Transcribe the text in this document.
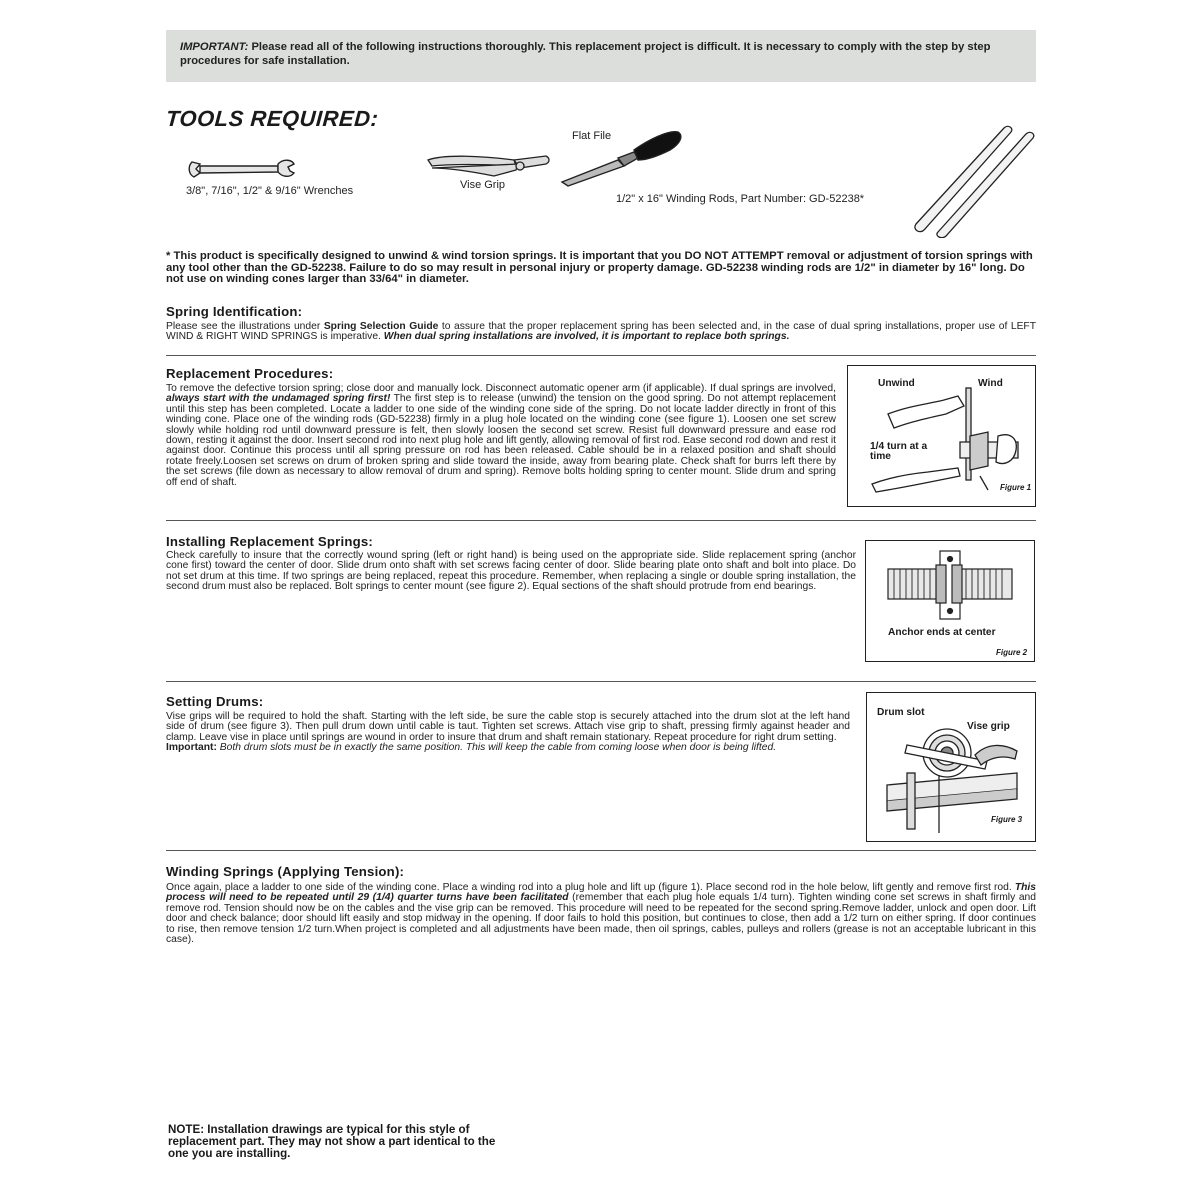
IMPORTANT: Please read all of the following instructions thoroughly. This replacement project is difficult. It is necessary to comply with the step by step procedures for safe installation.
TOOLS REQUIRED:
3/8", 7/16", 1/2" & 9/16" Wrenches	Vise Grip
Flat File
1/2" x 16" Winding Rods, Part Number: GD-52238*
* This product is specifically designed to unwind & wind torsion springs. It is important that you DO NOT ATTEMPT removal or adjustment of torsion springs with any tool other than the GD-52238. Failure to do so may result in personal injury or property damage. GD-52238 winding rods are 1/2" in diameter by 16" long. Do not use on winding cones larger than 33/64" in diameter.
Spring Identification:
Please see the illustrations under Spring Selection Guide to assure that the proper replacement spring has been selected and, in the case of dual spring installations, proper use of LEFT WIND & RIGHT WIND SPRINGS is imperative. When dual spring installations are involved, it is important to replace both springs.
Replacement Procedures:
To remove the defective torsion spring; close door and manually lock. Disconnect automatic opener arm (if applicable). If dual springs are involved, always start with the undamaged spring first! The first step is to release (unwind) the tension on the good spring. Do not attempt replacement until this step has been completed. Locate a ladder to one side of the winding cone side of the spring. Do not locate ladder directly in front of this winding cone. Place one of the winding rods (GD-52238) firmly in a plug hole located on the winding cone (see figure 1). Loosen one set screw slowly while holding rod until downward pressure is felt, then slowly loosen the second set screw. Resist full downward pressure and ease rod down, resting it against the door. Insert second rod into next plug hole and lift gently, allowing removal of first rod. Ease second rod down and rest it against door. Continue this process until all spring pressure on rod has been released. Cable should be in a relaxed position and shaft should rotate freely.Loosen set screws on drum of broken spring and slide toward the inside, away from bearing plate. Check shaft for burrs left there by the set screws (file down as necessary to allow removal of drum and spring). Remove bolts holding spring to center mount. Slide drum and spring off end of shaft.
Unwind	Wind
1/4 turn at a time
Figure 1
Installing Replacement Springs:
Check carefully to insure that the correctly wound spring (left or right hand) is being used on the appropriate side. Slide replacement spring (anchor cone first) toward the center of door. Slide drum onto shaft with set screws facing center of door. Slide bearing plate onto shaft and bolt into place. Do not set drum at this time. If two springs are being replaced, repeat this procedure. Remember, when replacing a single or double spring installation, the second drum must also be replaced. Bolt springs to center mount (see figure 2). Equal sections of the shaft should protrude from end bearings.
Anchor ends at center
Figure 2
Setting Drums:
Vise grips will be required to hold the shaft. Starting with the left side, be sure the cable stop is securely attached into the drum slot at the left hand side of drum (see figure 3). Then pull drum down until cable is taut. Tighten set screws. Attach vise grip to shaft, pressing firmly against header and clamp. Leave vise in place until springs are wound in order to insure that drum and shaft remain stationary. Repeat procedure for right drum setting.
Important: Both drum slots must be in exactly the same position. This will keep the cable from coming loose when door is being lifted.
Drum slot
Vise grip
Figure 3
Winding Springs (Applying Tension):
Once again, place a ladder to one side of the winding cone. Place a winding rod into a plug hole and lift up (figure 1). Place second rod in the hole below, lift gently and remove first rod. This process will need to be repeated until 29 (1/4) quarter turns have been facilitated (remember that each plug hole equals 1/4 turn). Tighten winding cone set screws in shaft firmly and remove rod. Tension should now be on the cables and the vise grip can be removed. This procedure will need to be repeated for the second spring.Remove ladder, unlock and open door. Lift door and check balance; door should lift easily and stop midway in the opening. If door fails to hold this position, but continues to close, then add a 1/2 turn on either spring. If door continues to rise, then remove tension 1/2 turn.When project is completed and all adjustments have been made, then oil springs, cables, pulleys and rollers (grease is not an acceptable lubricant in this case).
NOTE: Installation drawings are typical for this style of replacement part. They may not show a part identical to the one you are installing.
